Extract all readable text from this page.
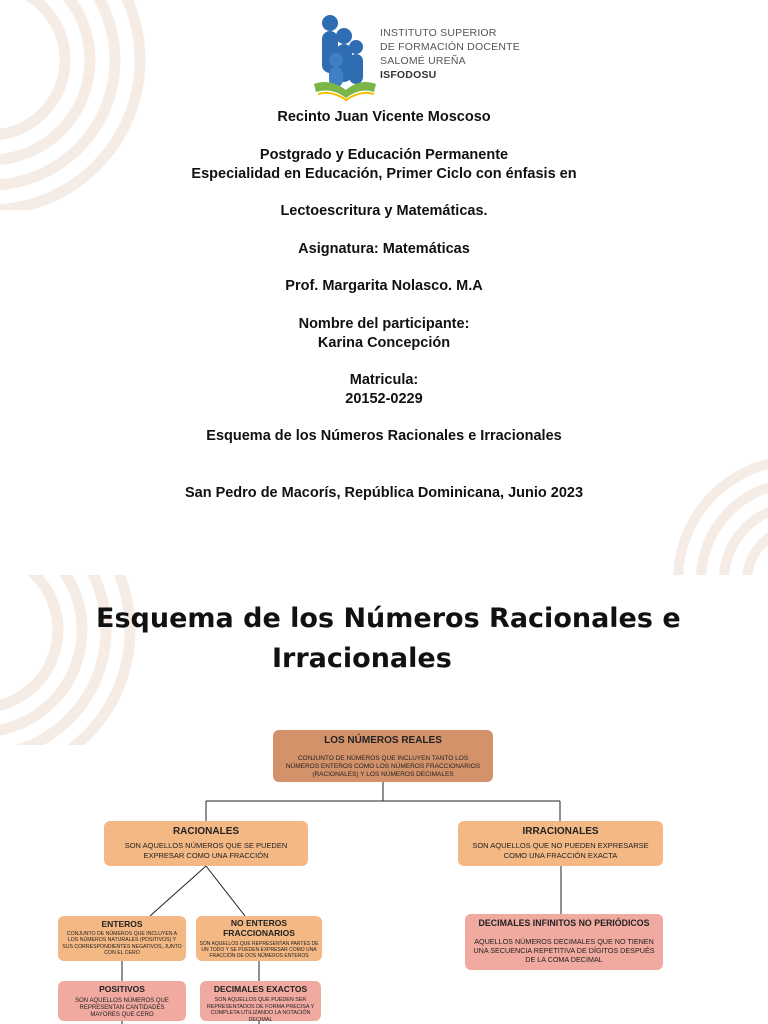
INSTITUTO SUPERIOR
DE FORMACIÓN DOCENTE
SALOMÉ UREÑA
ISFODOSU
Recinto Juan Vicente Moscoso
Postgrado y Educación Permanente
Especialidad en Educación, Primer Ciclo con énfasis en
Lectoescritura y Matemáticas.
Asignatura: Matemáticas
Prof. Margarita Nolasco. M.A
Nombre del participante:
Karina Concepción
Matricula:
20152-0229
Esquema de los Números Racionales e Irracionales
San Pedro de Macorís, República Dominicana, Junio 2023
Esquema de los Números Racionales e
Irracionales
LOS NÚMEROS REALES
CONJUNTO DE NÚMEROS QUE INCLUYEN TANTO LOS NÚMEROS ENTEROS COMO LOS NÚMEROS FRACCIONARIOS (RACIONALES) Y LOS NÚMEROS DECIMALES
RACIONALES
SON AQUELLOS NÚMEROS QUE SE PUEDEN EXPRESAR COMO UNA FRACCIÓN
IRRACIONALES
SON AQUELLOS QUE NO PUEDEN EXPRESARSE COMO UNA FRACCIÓN EXACTA
ENTEROS
CONJUNTO DE NÚMEROS QUE INCLUYEN A LOS NÚMEROS NATURALES (POSITIVOS) Y SUS CORRESPONDIENTES NEGATIVOS, JUNTO CON EL CERO
NO ENTEROS FRACCIONARIOS
SON AQUELLOS QUE REPRESENTAN PARTES DE UN TODO Y SE PUEDEN EXPRESAR COMO UNA FRACCIÓN DE DOS NÚMEROS ENTEROS
DECIMALES INFINITOS NO PERIÓDICOS
AQUELLOS NÚMEROS DECIMALES QUE NO TIENEN UNA SECUENCIA REPETITIVA DE DÍGITOS DESPUÉS DE LA COMA DECIMAL
POSITIVOS
SON AQUELLOS NÚMEROS QUE REPRESENTAN CANTIDADES MAYORES QUE CERO
DECIMALES EXACTOS
SON AQUELLOS QUE PUEDEN SER REPRESENTADOS DE FORMA PRECISA Y COMPLETA UTILIZANDO LA NOTACIÓN DECIMAL
